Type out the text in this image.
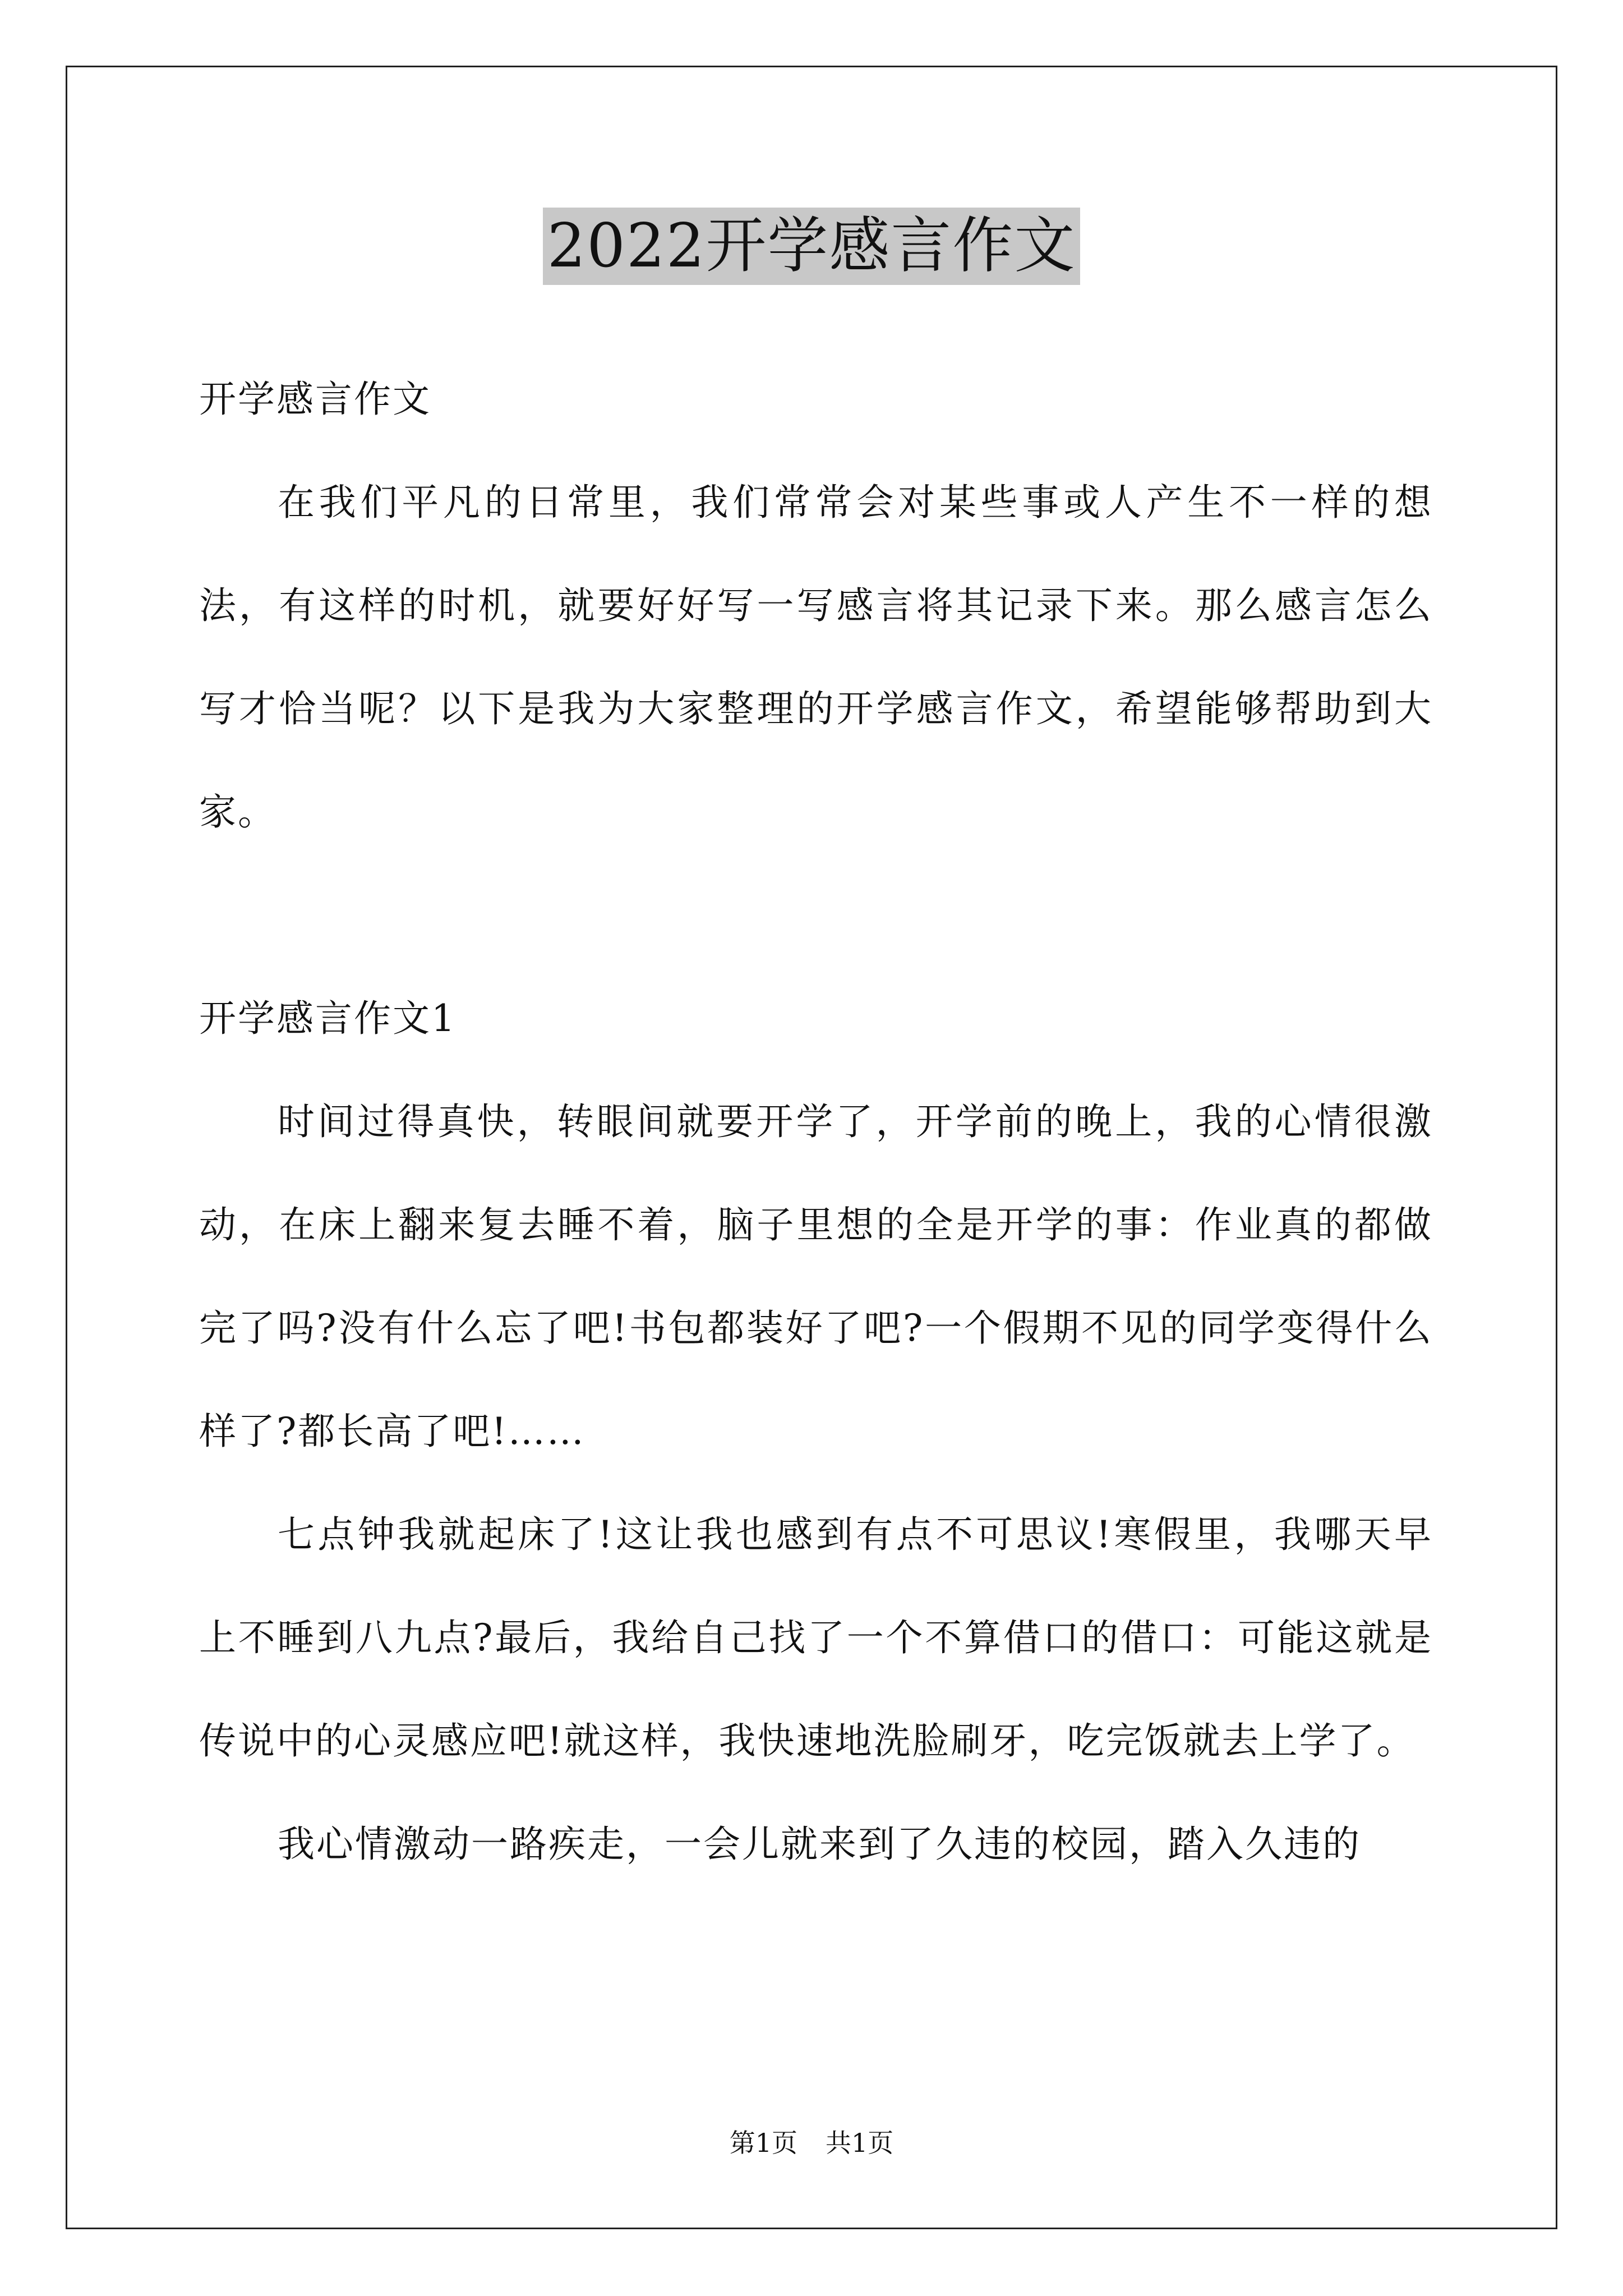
2022开学感言作文

开学感言作文

在我们平凡的日常里，我们常常会对某些事或人产生不一样的想法，有这样的时机，就要好好写一写感言将其记录下来。那么感言怎么写才恰当呢？以下是我为大家整理的开学感言作文，希望能够帮助到大家。

开学感言作文1

时间过得真快，转眼间就要开学了，开学前的晚上，我的心情很激动，在床上翻来复去睡不着，脑子里想的全是开学的事：作业真的都做完了吗?没有什么忘了吧!书包都装好了吧?一个假期不见的同学变得什么样了?都长高了吧!……

七点钟我就起床了!这让我也感到有点不可思议!寒假里，我哪天早上不睡到八九点?最后，我给自己找了一个不算借口的借口：可能这就是传说中的心灵感应吧!就这样，我快速地洗脸刷牙，吃完饭就去上学了。

我心情激动一路疾走，一会儿就来到了久违的校园，踏入久违的

第1页 共1页
